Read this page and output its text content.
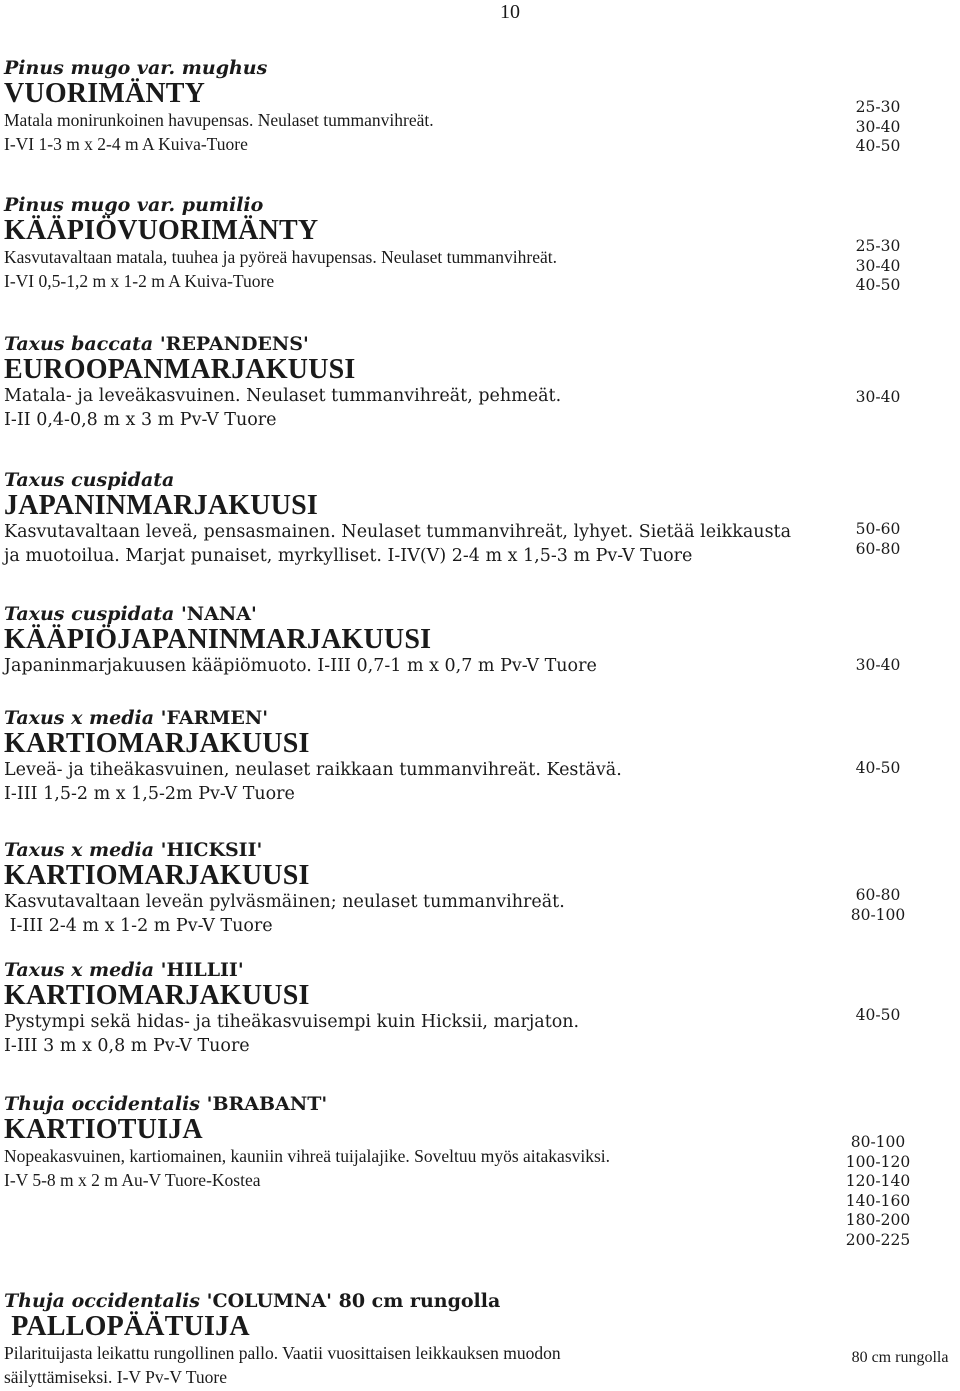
10
Pinus mugo var. mughus
VUORIMÄNTY
Matala monirunkoinen havupensas. Neulaset tummanvihreät.
I-VI 1-3 m x 2-4 m A Kuiva-Tuore
25-30
30-40
40-50
Pinus mugo var. pumilio
KÄÄPIÖVUORIMÄNTY
Kasvutavaltaan matala, tuuhea ja pyöreä havupensas. Neulaset tummanvihreät.
I-VI 0,5-1,2 m x 1-2 m A Kuiva-Tuore
25-30
30-40
40-50
Taxus baccata 'REPANDENS'
EUROOPANMARJAKUUSI
Matala- ja leveäkasvuinen. Neulaset tummanvihreät, pehmeät.
I-II 0,4-0,8 m x 3 m Pv-V Tuore
30-40
Taxus cuspidata
JAPANINMARJAKUUSI
Kasvutavaltaan leveä, pensasmainen. Neulaset tummanvihreät, lyhyet. Sietää leikkausta
ja muotoilua. Marjat punaiset, myrkylliset. I-IV(V) 2-4 m x 1,5-3 m Pv-V Tuore
50-60
60-80
Taxus cuspidata 'NANA'
KÄÄPIÖJAPANINMARJAKUUSI
Japaninmarjakuusen kääpiömuoto. I-III 0,7-1 m x 0,7 m Pv-V Tuore	30-40
Taxus x media 'FARMEN'
KARTIOMARJAKUUSI
Leveä- ja tiheäkasvuinen, neulaset raikkaan tummanvihreät. Kestävä.
I-III 1,5-2 m x 1,5-2m Pv-V Tuore
40-50
Taxus x media 'HICKSII'
KARTIOMARJAKUUSI
Kasvutavaltaan leveän pylväsmäinen; neulaset tummanvihreät.
I-III 2-4 m x 1-2 m Pv-V Tuore
60-80
80-100
Taxus x media 'HILLII'
KARTIOMARJAKUUSI
Pystympi sekä hidas- ja tiheäkasvuisempi kuin Hicksii, marjaton.
I-III 3 m x 0,8 m Pv-V Tuore
40-50
Thuja occidentalis 'BRABANT'
KARTIOTUIJA
Nopeakasvuinen, kartiomainen, kauniin vihreä tuijalajike. Soveltuu myös aitakasviksi.
I-V 5-8 m x 2 m Au-V Tuore-Kostea
80-100
100-120
120-140
140-160
180-200
200-225
Thuja occidentalis 'COLUMNA' 80 cm rungolla
PALLOPÄÄTUIJA
Pilarituijasta leikattu rungollinen pallo. Vaatii vuosittaisen leikkauksen muodon
säilyttämiseksi. I-V Pv-V Tuore
80 cm rungolla
